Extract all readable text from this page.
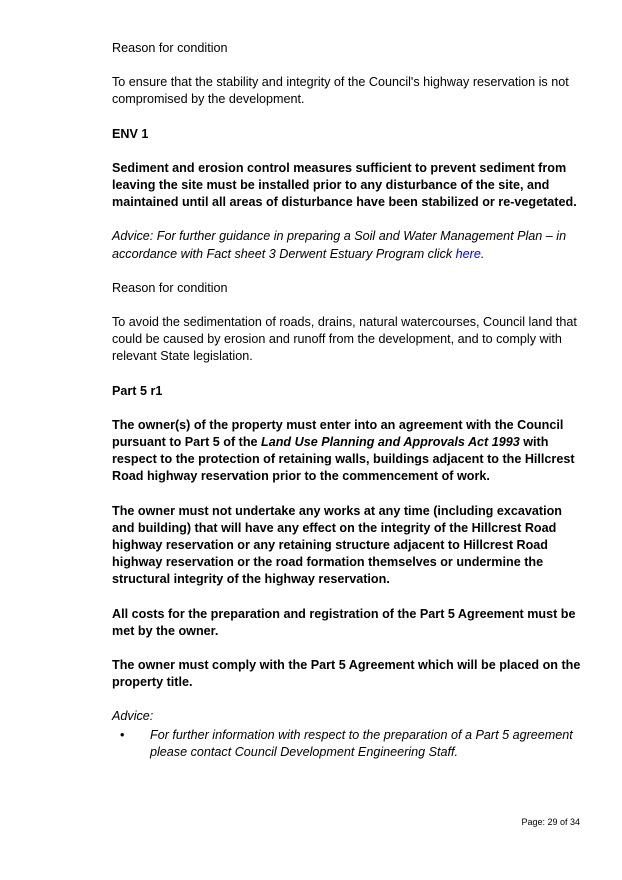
Reason for condition

To ensure that the stability and integrity of the Council's highway reservation is not compromised by the development.

ENV 1

Sediment and erosion control measures sufficient to prevent sediment from leaving the site must be installed prior to any disturbance of the site, and maintained until all areas of disturbance have been stabilized or re-vegetated.

Advice: For further guidance in preparing a Soil and Water Management Plan – in accordance with Fact sheet 3 Derwent Estuary Program click here.

Reason for condition

To avoid the sedimentation of roads, drains, natural watercourses, Council land that could be caused by erosion and runoff from the development, and to comply with relevant State legislation.

Part 5 r1

The owner(s) of the property must enter into an agreement with the Council pursuant to Part 5 of the Land Use Planning and Approvals Act 1993 with respect to the protection of retaining walls, buildings adjacent to the Hillcrest Road highway reservation prior to the commencement of work.

The owner must not undertake any works at any time (including excavation and building) that will have any effect on the integrity of the Hillcrest Road highway reservation or any retaining structure adjacent to Hillcrest Road highway reservation or the road formation themselves or undermine the structural integrity of the highway reservation.

All costs for the preparation and registration of the Part 5 Agreement must be met by the owner.

The owner must comply with the Part 5 Agreement which will be placed on the property title.

Advice:

• For further information with respect to the preparation of a Part 5 agreement please contact Council Development Engineering Staff.
Page: 29 of 34
